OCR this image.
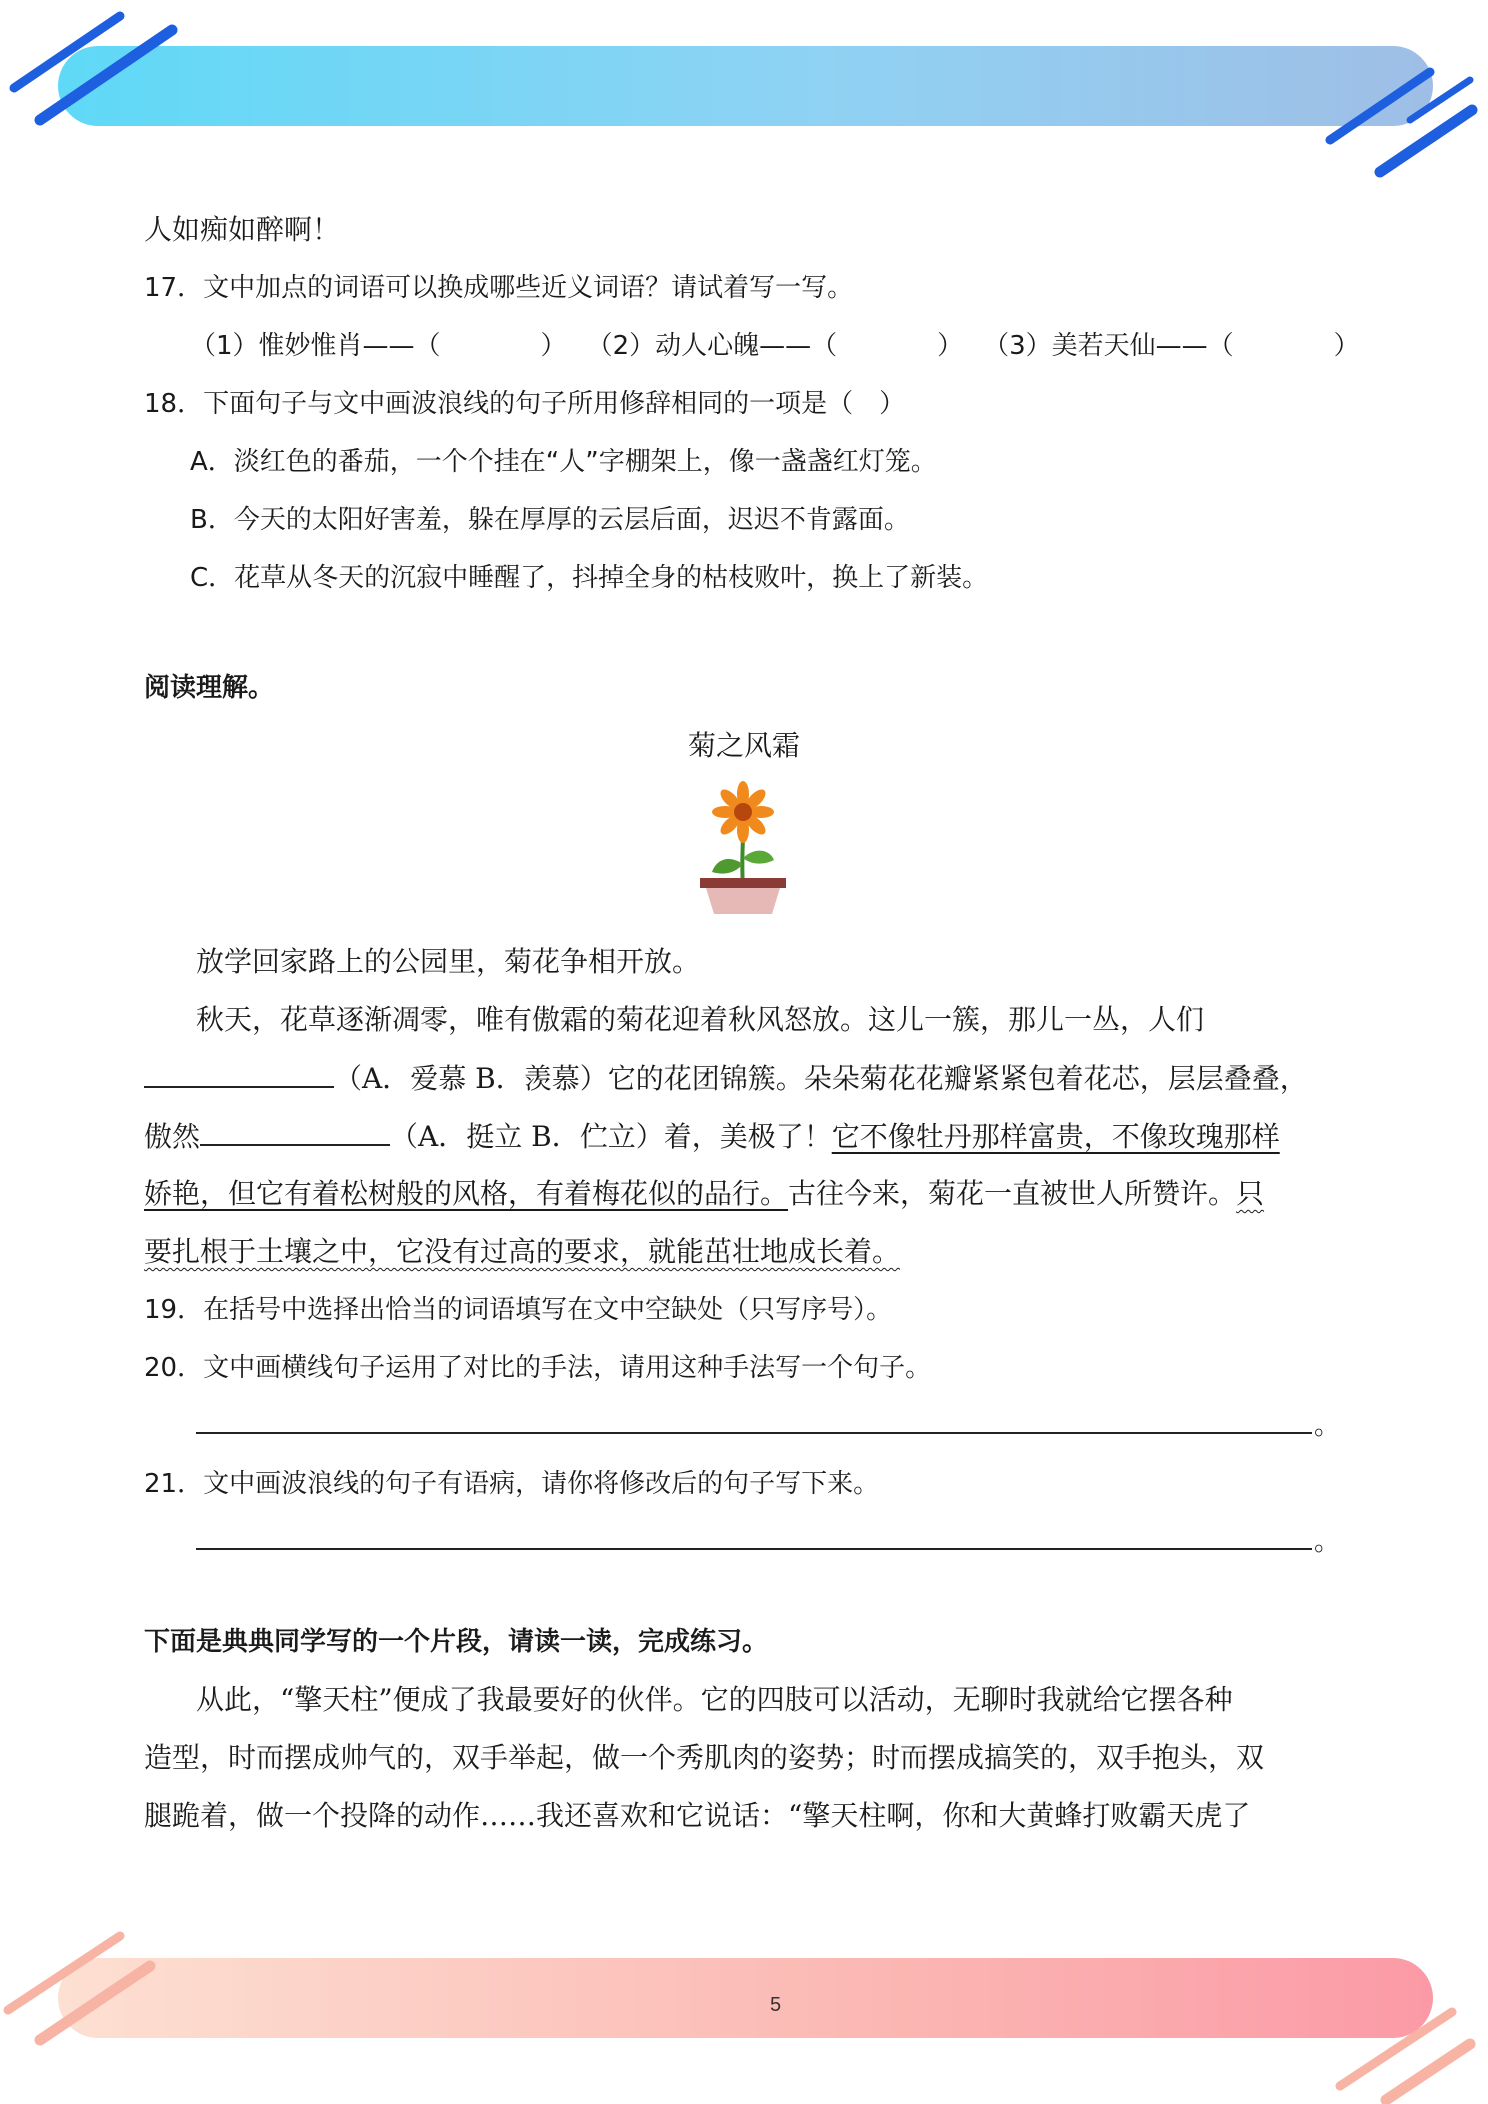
5
人如痴如醉啊！
17．文中加点的词语可以换成哪些近义词语？请试着写一写。
（1）惟妙惟肖——（	） （2）动人心魄——（	） （3）美若天仙——（	）
18．下面句子与文中画波浪线的句子所用修辞相同的一项是（　）
A．淡红色的番茄，一个个挂在“人”字棚架上，像一盏盏红灯笼。
B．今天的太阳好害羞，躲在厚厚的云层后面，迟迟不肯露面。
C．花草从冬天的沉寂中睡醒了，抖掉全身的枯枝败叶，换上了新装。
阅读理解。
菊之风霜
放学回家路上的公园里，菊花争相开放。
秋天，花草逐渐凋零，唯有傲霜的菊花迎着秋风怒放。这儿一簇，那儿一丛，人们
（A．爱慕 B．羡慕）它的花团锦簇。朵朵菊花花瓣紧紧包着花芯，层层叠叠，
傲然	（A．挺立 B．伫立）着，美极了！它不像牡丹那样富贵，不像玫瑰那样
娇艳，但它有着松树般的风格，有着梅花似的品行。古往今来，菊花一直被世人所赞许。只
要扎根于土壤之中，它没有过高的要求，就能茁壮地成长着。
19．在括号中选择出恰当的词语填写在文中空缺处（只写序号）。
20．文中画横线句子运用了对比的手法，请用这种手法写一个句子。
。
21．文中画波浪线的句子有语病，请你将修改后的句子写下来。
。
下面是典典同学写的一个片段，请读一读，完成练习。
从此，“擎天柱”便成了我最要好的伙伴。它的四肢可以活动，无聊时我就给它摆各种
造型，时而摆成帅气的，双手举起，做一个秀肌肉的姿势；时而摆成搞笑的，双手抱头，双
腿跪着，做一个投降的动作……我还喜欢和它说话：“擎天柱啊，你和大黄蜂打败霸天虎了
